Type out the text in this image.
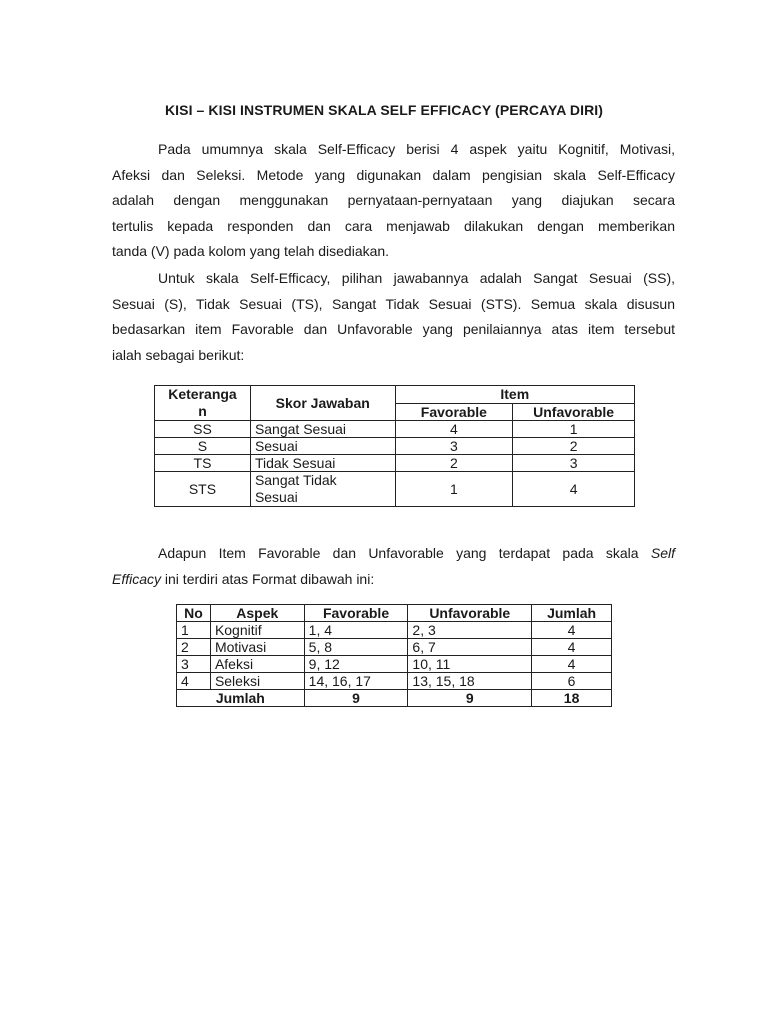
KISI – KISI INSTRUMEN SKALA SELF EFFICACY (PERCAYA DIRI)

Pada umumnya skala Self-Efficacy berisi 4 aspek yaitu Kognitif, Motivasi,
Afeksi dan Seleksi. Metode yang digunakan dalam pengisian skala Self-Efficacy
adalah dengan menggunakan pernyataan-pernyataan yang diajukan secara
tertulis kepada responden dan cara menjawab dilakukan dengan memberikan
tanda (V) pada kolom yang telah disediakan.

Untuk skala Self-Efficacy, pilihan jawabannya adalah Sangat Sesuai (SS),
Sesuai (S), Tidak Sesuai (TS), Sangat Tidak Sesuai (STS). Semua skala disusun
bedasarkan item Favorable dan Unfavorable yang penilaiannya atas item tersebut
ialah sebagai berikut:

Keteranga n	Skor Jawaban	Item	
		Favorable	Unfavorable
SS	Sangat Sesuai	4	1
S	Sesuai	3	2
TS	Tidak Sesuai	2	3
STS	Sangat Tidak Sesuai	1	4

Adapun Item Favorable dan Unfavorable yang terdapat pada skala Self
Efficacy ini terdiri atas Format dibawah ini:

No	Aspek	Favorable	Unfavorable	Jumlah
1	Kognitif	1, 4	2, 3	4
2	Motivasi	5, 8	6, 7	4
3	Afeksi	9, 12	10, 11	4
4	Seleksi	14, 16, 17	13, 15, 18	6
Jumlah		9	9	18
